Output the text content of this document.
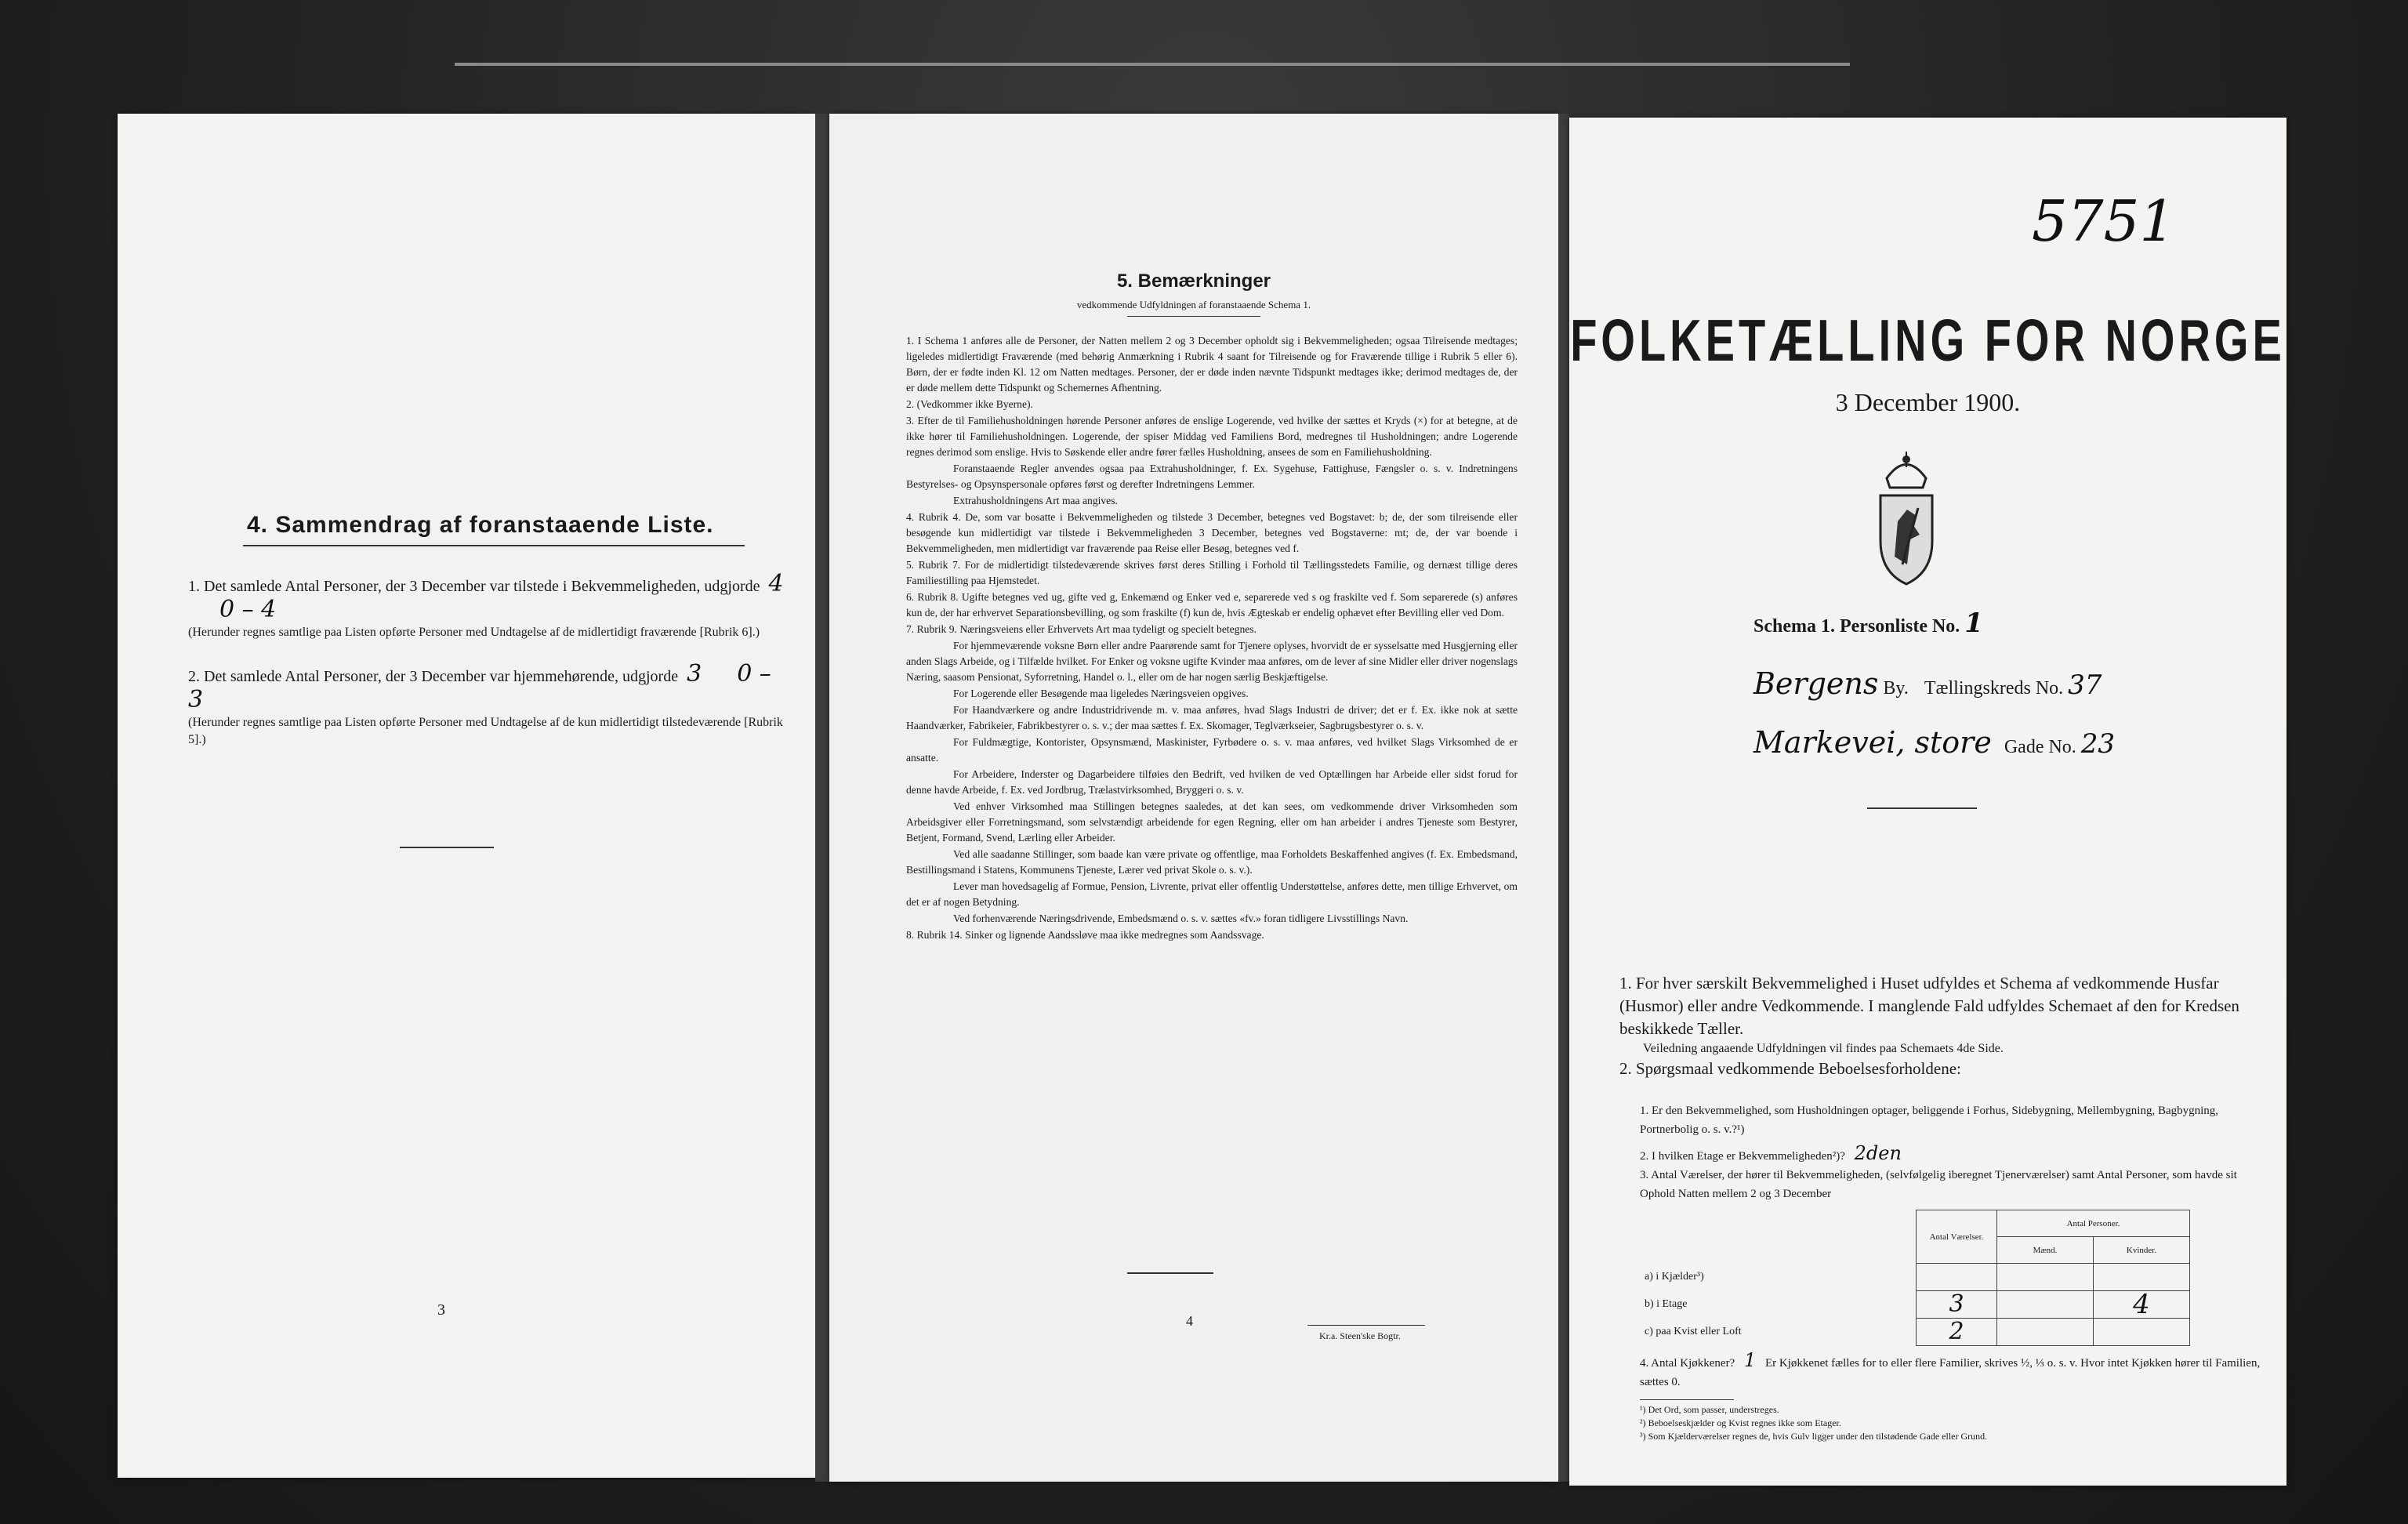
4. Sammendrag af foranstaaende Liste.
1. Det samlede Antal Personer, der 3 December var tilstede i Bekvemmeligheden, udgjorde 4 0 – 4
(Herunder regnes samtlige paa Listen opførte Personer med Undtagelse af de midlertidigt fraværende [Rubrik 6].)
2. Det samlede Antal Personer, der 3 December var hjemmehørende, udgjorde 3 0 – 3
(Herunder regnes samtlige paa Listen opførte Personer med Undtagelse af de kun midlertidigt tilstedeværende [Rubrik 5].)
3
5. Bemærkninger
vedkommende Udfyldningen af foranstaaende Schema 1.

1. I Schema 1 anføres alle de Personer, der Natten mellem 2 og 3 December opholdt sig i Bekvemmeligheden; ogsaa Tilreisende medtages; ligeledes midlertidigt Fraværende (med behørig Anmærkning i Rubrik 4 saant for Tilreisende og for Fraværende tillige i Rubrik 5 eller 6). Børn, der er fødte inden Kl. 12 om Natten medtages. Personer, der er døde inden nævnte Tidspunkt medtages ikke; derimod medtages de, der er døde mellem dette Tidspunkt og Schemernes Afhentning.

2. (Vedkommer ikke Byerne).

3. Efter de til Familiehusholdningen hørende Personer anføres de enslige Logerende, ved hvilke der sættes et Kryds (×) for at betegne, at de ikke hører til Familiehusholdningen. Logerende, der spiser Middag ved Familiens Bord, medregnes til Husholdningen; andre Logerende regnes derimod som enslige. Hvis to Søskende eller andre fører fælles Husholdning, ansees de som en Familiehusholdning.

Foranstaaende Regler anvendes ogsaa paa Extrahusholdninger, f. Ex. Sygehuse, Fattighuse, Fængsler o. s. v. Indretningens Bestyrelses- og Opsynspersonale opføres først og derefter Indretningens Lemmer.

Extrahusholdningens Art maa angives.

4. Rubrik 4. De, som var bosatte i Bekvemmeligheden og tilstede 3 December, betegnes ved Bogstavet: b; de, der som tilreisende eller besøgende kun midlertidigt var tilstede i Bekvemmeligheden 3 December, betegnes ved Bogstaverne: mt; de, der var boende i Bekvemmeligheden, men midlertidigt var fraværende paa Reise eller Besøg, betegnes ved f.

5. Rubrik 7. For de midlertidigt tilstedeværende skrives først deres Stilling i Forhold til Tællingsstedets Familie, og dernæst tillige deres Familiestilling paa Hjemstedet.

6. Rubrik 8. Ugifte betegnes ved ug, gifte ved g, Enkemænd og Enker ved e, separerede ved s og fraskilte ved f. Som separerede (s) anføres kun de, der har erhvervet Separationsbevilling, og som fraskilte (f) kun de, hvis Ægteskab er endelig ophævet efter Bevilling eller ved Dom.

7. Rubrik 9. Næringsveiens eller Erhvervets Art maa tydeligt og specielt betegnes.

For hjemmeværende voksne Børn eller andre Paarørende samt for Tjenere oplyses, hvorvidt de er sysselsatte med Husgjerning eller anden Slags Arbeide, og i Tilfælde hvilket. For Enker og voksne ugifte Kvinder maa anføres, om de lever af sine Midler eller driver nogenslags Næring, saasom Pensionat, Syforretning, Handel o. l., eller om de har nogen særlig Beskjæftigelse.

For Logerende eller Besøgende maa ligeledes Næringsveien opgives.

For Haandværkere og andre Industridrivende m. v. maa anføres, hvad Slags Industri de driver; det er f. Ex. ikke nok at sætte Haandværker, Fabrikeier, Fabrikbestyrer o. s. v.; der maa sættes f. Ex. Skomager, Teglværkseier, Sagbrugsbestyrer o. s. v.

For Fuldmægtige, Kontorister, Opsynsmænd, Maskinister, Fyrbødere o. s. v. maa anføres, ved hvilket Slags Virksomhed de er ansatte.

For Arbeidere, Inderster og Dagarbeidere tilføies den Bedrift, ved hvilken de ved Optællingen har Arbeide eller sidst forud for denne havde Arbeide, f. Ex. ved Jordbrug, Trælastvirksomhed, Bryggeri o. s. v.

Ved enhver Virksomhed maa Stillingen betegnes saaledes, at det kan sees, om vedkommende driver Virksomheden som Arbeidsgiver eller Forretningsmand, som selvstændigt arbeidende for egen Regning, eller om han arbeider i andres Tjeneste som Bestyrer, Betjent, Formand, Svend, Lærling eller Arbeider.

Ved alle saadanne Stillinger, som baade kan være private og offentlige, maa Forholdets Beskaffenhed angives (f. Ex. Embedsmand, Bestillingsmand i Statens, Kommunens Tjeneste, Lærer ved privat Skole o. s. v.).

Lever man hovedsagelig af Formue, Pension, Livrente, privat eller offentlig Understøttelse, anføres dette, men tillige Erhvervet, om det er af nogen Betydning.

Ved forhenværende Næringsdrivende, Embedsmænd o. s. v. sættes «fv.» foran tidligere Livsstillings Navn.

8. Rubrik 14. Sinker og lignende Aandssløve maa ikke medregnes som Aandssvage.

4
Kr.a. Steen'ske Bogtr.
5751
FOLKETÆLLING FOR NORGE
3 December 1900.
Schema 1. Personliste No. 1
Bergens By. Tællingskreds No. 37
Markevei, store Gade No. 23
1. For hver særskilt Bekvemmelighed i Huset udfyldes et Schema af vedkommende Husfar (Husmor) eller andre Vedkommende. I manglende Fald udfyldes Schemaet af den for Kredsen beskikkede Tæller.
Veiledning angaaende Udfyldningen vil findes paa Schemaets 4de Side.
2. Spørgsmaal vedkommende Beboelsesforholdene:
1. Er den Bekvemmelighed, som Husholdningen optager, beliggende i Forhus, Sidebygning, Mellembygning, Bagbygning, Portnerbolig o. s. v.?¹)
2. I hvilken Etage er Bekvemmeligheden²)? 2den
3. Antal Værelser, der hører til Bekvemmeligheden, (selvfølgelig iberegnet Tjenerværelser) samt Antal Personer, som havde sit Ophold Natten mellem 2 og 3 December
	Antal Værelser.	Antal Personer.	
		Mænd.	Kvinder.
a) i Kjælder³)			
b) i Etage	3		4
c) paa Kvist eller Loft	2		
4. Antal Kjøkkener? 1 Er Kjøkkenet fælles for to eller flere Familier, skrives ½, ⅓ o. s. v. Hvor intet Kjøkken hører til Familien, sættes 0.
¹) Det Ord, som passer, understreges.
²) Beboelseskjælder og Kvist regnes ikke som Etager.
³) Som Kjælderværelser regnes de, hvis Gulv ligger under den tilstødende Gade eller Grund.
